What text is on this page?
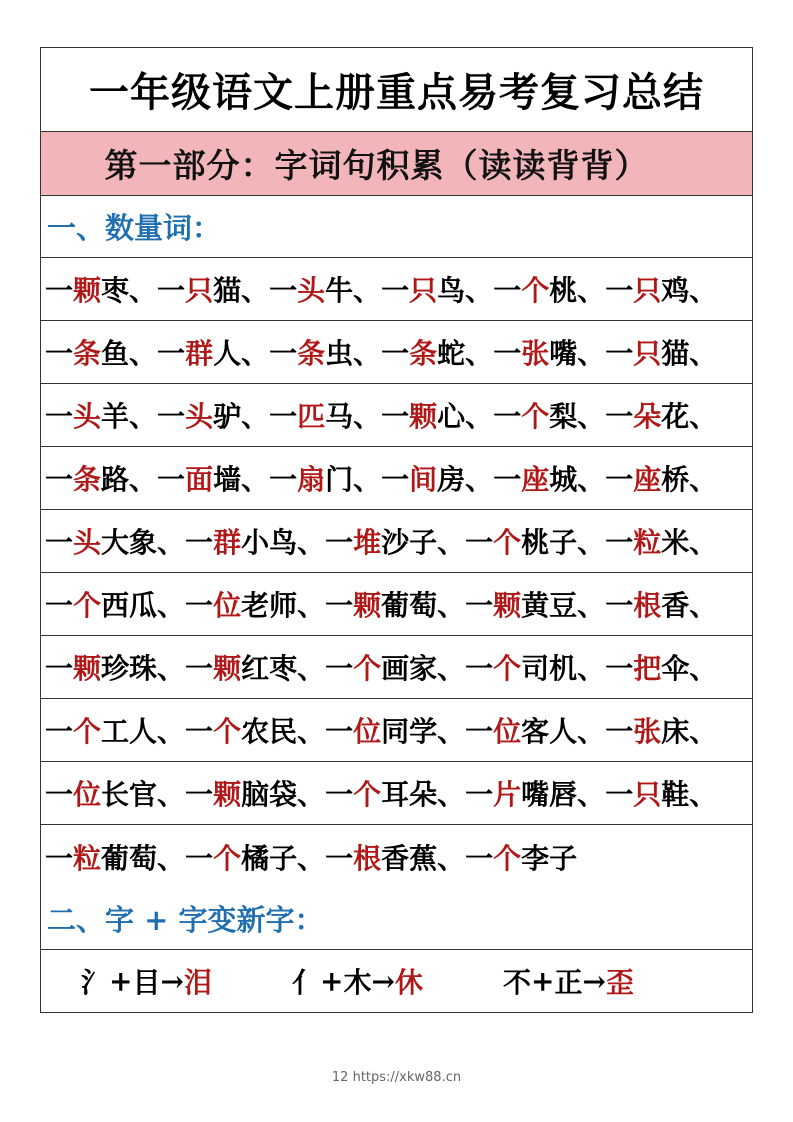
一年级语文上册重点易考复习总结
第一部分：字词句积累（读读背背）
一、数量词：
一颗枣、一只猫、一头牛、一只鸟、一个桃、一只鸡、
一条鱼、一群人、一条虫、一条蛇、一张嘴、一只猫、
一头羊、一头驴、一匹马、一颗心、一个梨、一朵花、
一条路、一面墙、一扇门、一间房、一座城、一座桥、
一头大象、一群小鸟、一堆沙子、一个桃子、一粒米、
一个西瓜、一位老师、一颗葡萄、一颗黄豆、一根香、
一颗珍珠、一颗红枣、一个画家、一个司机、一把伞、
一个工人、一个农民、一位同学、一位客人、一张床、
一位长官、一颗脑袋、一个耳朵、一片嘴唇、一只鞋、
一粒葡萄、一个橘子、一根香蕉、一个李子
二、字 + 字变新字：
氵 + 目 → 泪	亻 + 木 → 休	不 + 正 → 歪
12 https://xkw88.cn
